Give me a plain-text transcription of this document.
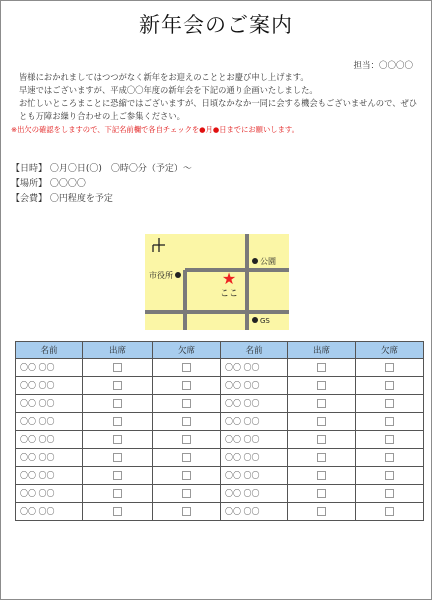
新年会のご案内
担当：〇〇〇〇

皆様におかれましてはつつがなく新年をお迎えのこととお慶び申し上げます。

早速ではございますが、平成〇〇年度の新年会を下記の通り企画いたしました。

お忙しいところまことに恐縮ではございますが、日頃なかなか一同に会する機会もございませんので、ぜひとも万障お繰り合わせの上ご参集ください。

※出欠の確認をしますので、下記名前欄で各自チェックを●月●日までにお願いします。

【日時】 〇月〇日(〇)　〇時〇分（予定）～
【場所】 〇〇〇〇
【会費】 〇円程度を予定
N
公園
市役所	★
ここ
GS
名前	出席	欠席	名前	出席	欠席
〇〇 〇〇			〇〇 〇〇		
〇〇 〇〇			〇〇 〇〇		
〇〇 〇〇			〇〇 〇〇		
〇〇 〇〇			〇〇 〇〇		
〇〇 〇〇			〇〇 〇〇		
〇〇 〇〇			〇〇 〇〇		
〇〇 〇〇			〇〇 〇〇		
〇〇 〇〇			〇〇 〇〇		
〇〇 〇〇			〇〇 〇〇		
